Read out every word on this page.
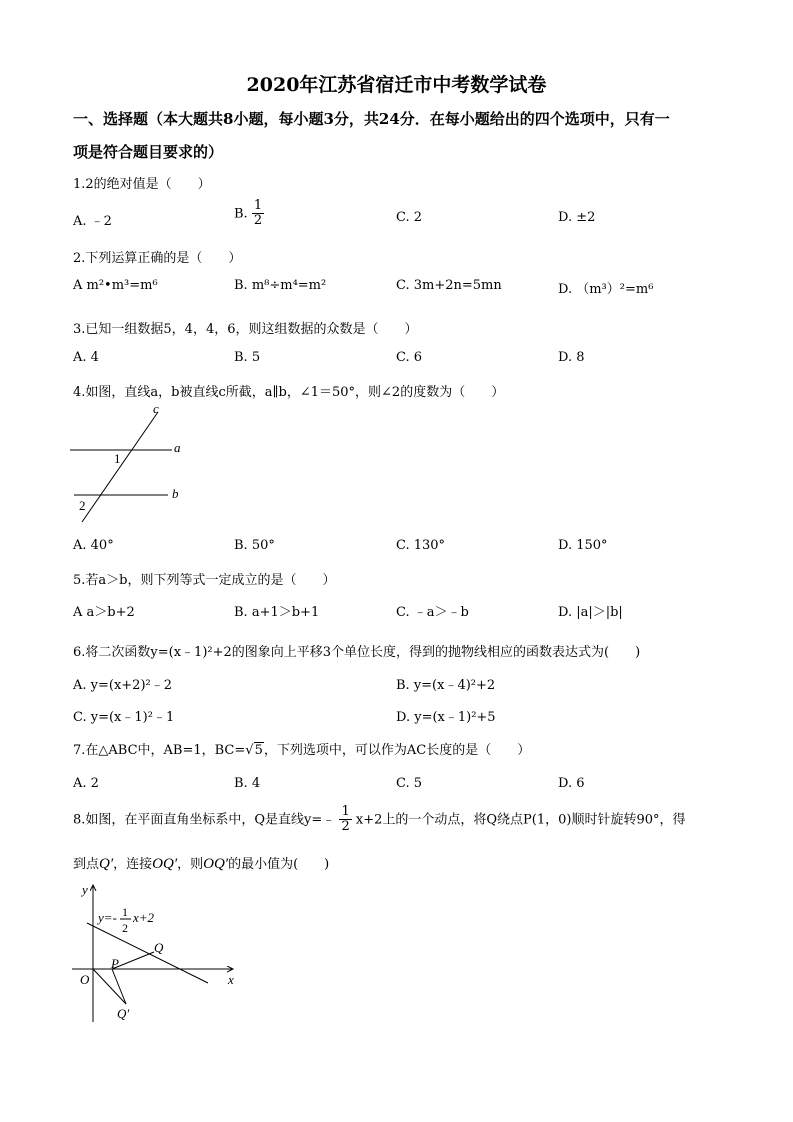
2020年江苏省宿迁市中考数学试卷
一、选择题（本大题共8小题，每小题3分，共24分．在每小题给出的四个选项中，只有一
项是符合题目要求的）
1.2的绝对值是（　　）
A. ﹣2
B. $\frac{1}{2}$	C. 2	D. ±2
2.下列运算正确的是（　　）
A m²•m³=m⁶	B. m⁸÷m⁴=m²	C. 3m+2n=5mn	D. （m³）²=m⁶
3.已知一组数据5，4，4，6，则这组数据的众数是（　　）
A. 4	B. 5	C. 6	D. 8
4.如图，直线a，b被直线c所截，a∥b，∠1＝50°，则∠2的度数为（　　）
c
a
b
1
2
A. 40°	B. 50°	C. 130°	D. 150°
5.若a＞b，则下列等式一定成立的是（　　）
A a＞b+2	B. a+1＞b+1	C. ﹣a＞﹣b	D. |a|＞|b|
6.将二次函数y=(x﹣1)²+2的图象向上平移3个单位长度，得到的抛物线相应的函数表达式为(　　)
A. y=(x+2)²﹣2	B. y=(x﹣4)²+2
C. y=(x﹣1)²﹣1	D. y=(x﹣1)²+5
7.在△ABC中，AB=1，BC=√5，下列选项中，可以作为AC长度的是（　　）
A. 2	B. 4	C. 5	D. 6
8.如图，在平面直角坐标系中，Q是直线y=﹣ $\frac{1}{2} x+2$上的一个动点，将Q绕点P(1，0)顺时针旋转90°，得
到点Q′，连接OQ′，则OQ′的最小值为(　　)
y
x
O
P
Q
Q′
y=- 1
2
x+2
